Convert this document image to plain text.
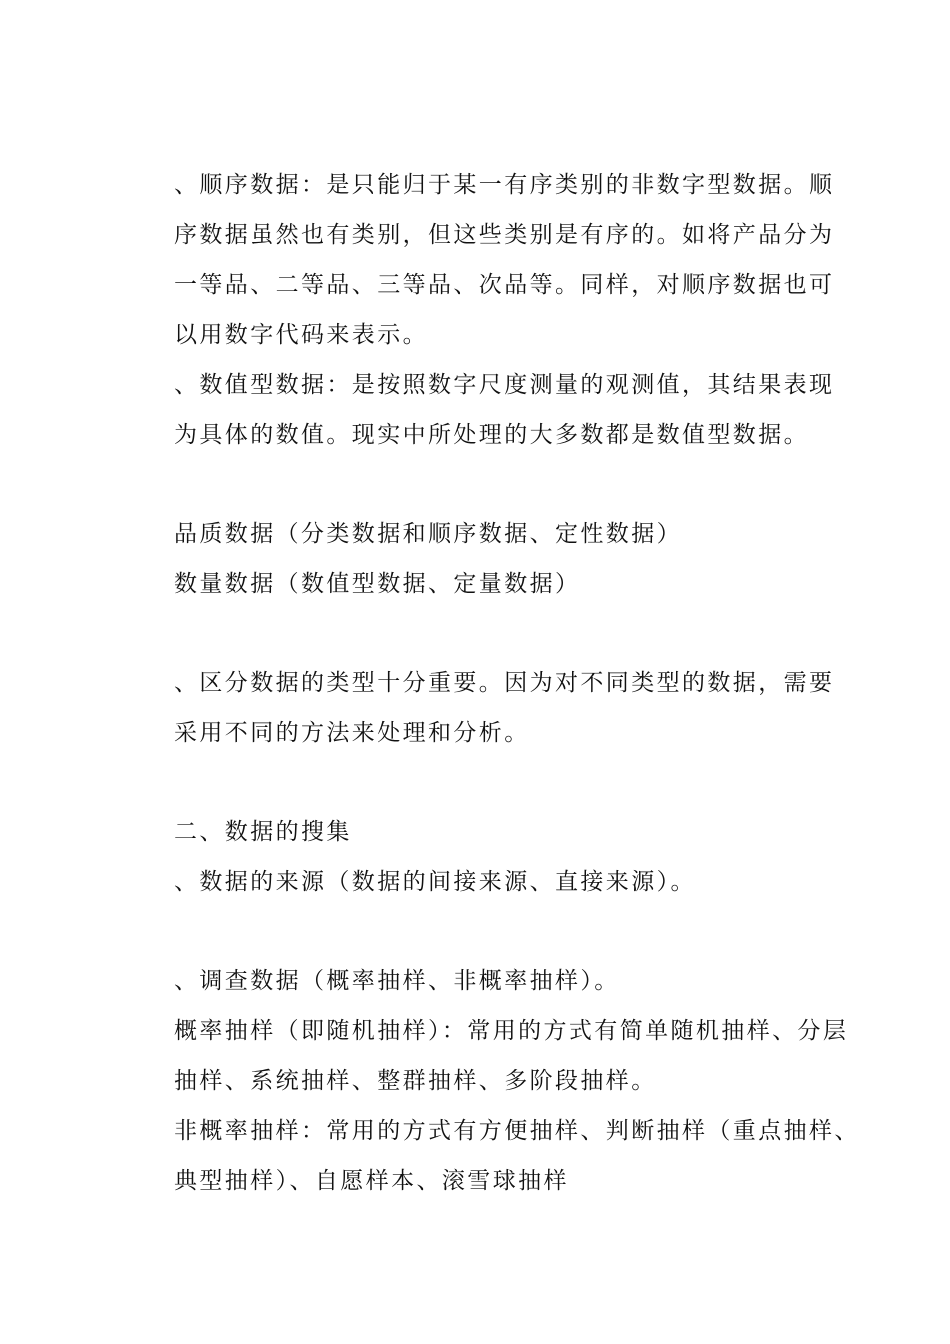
、顺序数据：是只能归于某一有序类别的非数字型数据。顺
序数据虽然也有类别，但这些类别是有序的。如将产品分为
一等品、二等品、三等品、次品等。同样，对顺序数据也可
以用数字代码来表示。
、数值型数据：是按照数字尺度测量的观测值，其结果表现
为具体的数值。现实中所处理的大多数都是数值型数据。
品质数据（分类数据和顺序数据、定性数据）
数量数据（数值型数据、定量数据）
、区分数据的类型十分重要。因为对不同类型的数据，需要
采用不同的方法来处理和分析。
二、数据的搜集
、数据的来源（数据的间接来源、直接来源）。
、调查数据（概率抽样、非概率抽样）。
概率抽样（即随机抽样）：常用的方式有简单随机抽样、分层
抽样、系统抽样、整群抽样、多阶段抽样。
非概率抽样：常用的方式有方便抽样、判断抽样（重点抽样、
典型抽样）、自愿样本、滚雪球抽样
